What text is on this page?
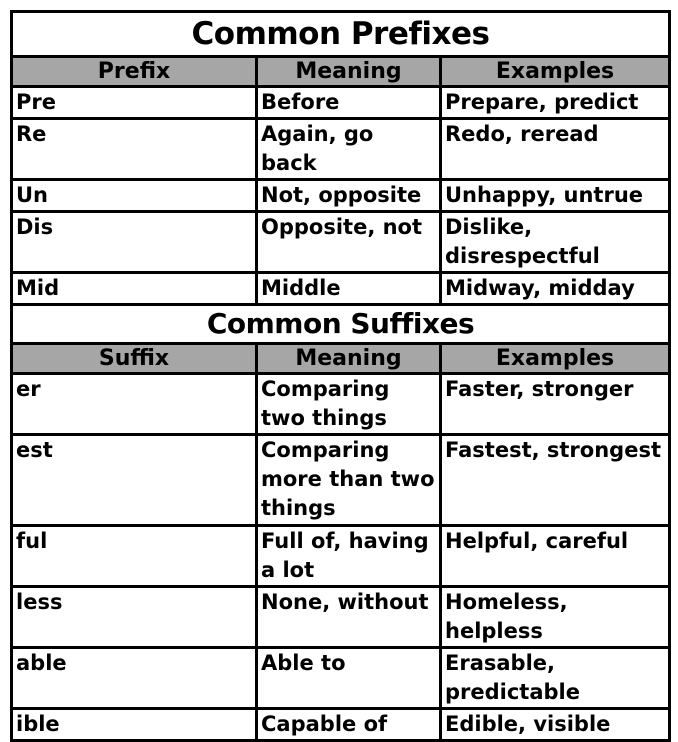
Common Prefixes		
Prefix	Meaning	Examples
Pre	Before	Prepare, predict
Re	Again, go back	Redo, reread
Un	Not, opposite	Unhappy, untrue
Dis	Opposite, not	Dislike, disrespectful
Mid	Middle	Midway, midday
Common Suffixes		
Suffix	Meaning	Examples
er	Comparing two things	Faster, stronger
est	Comparing more than two things	Fastest, strongest
ful	Full of, having a lot	Helpful, careful
less	None, without	Homeless, helpless
able	Able to	Erasable, predictable
ible	Capable of	Edible, visible
